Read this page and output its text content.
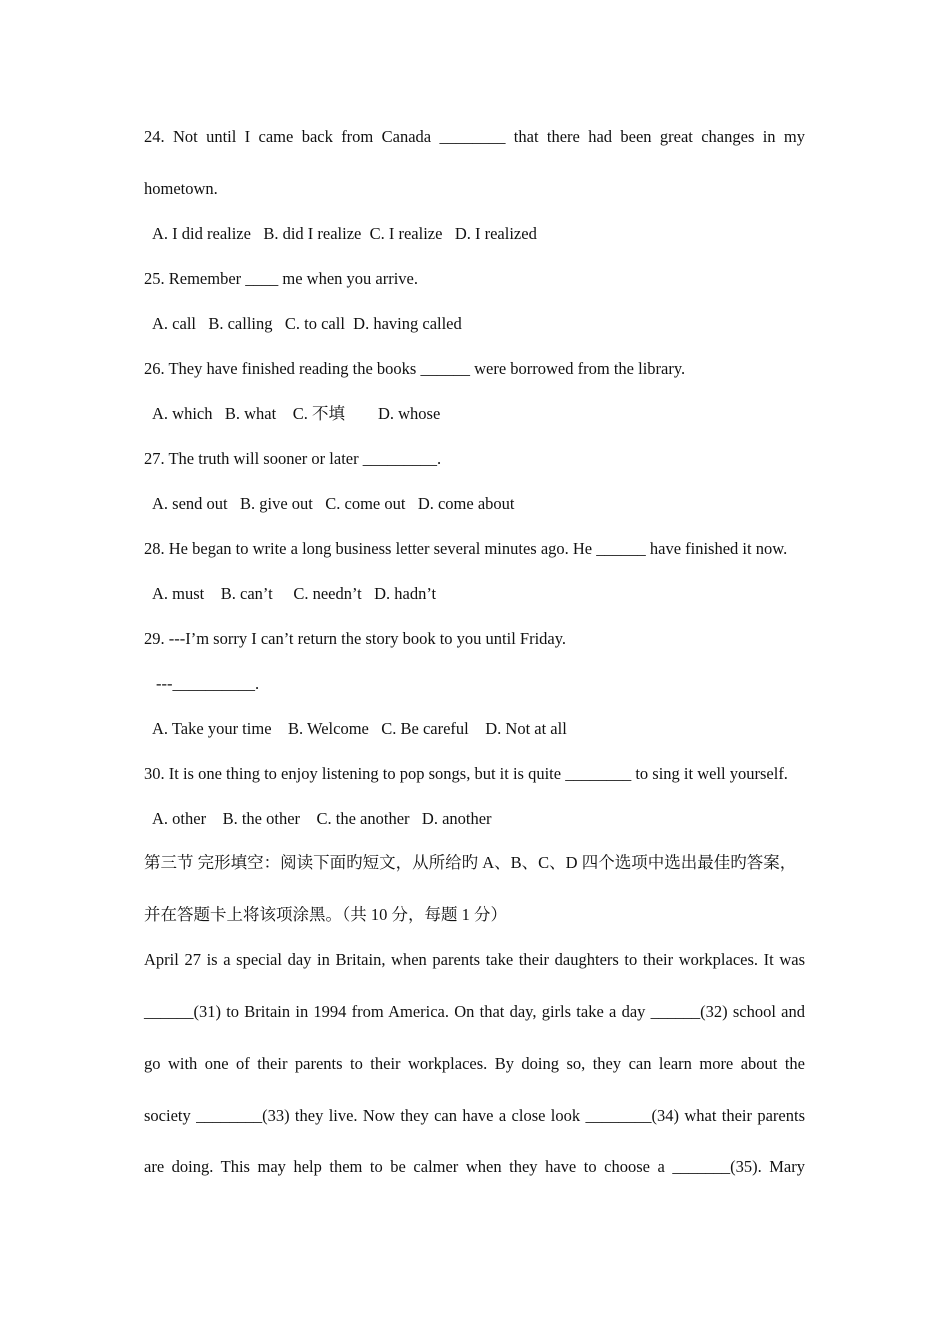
24. Not until I came back from Canada ________ that there had been great changes in my
hometown.
A. I did realize   B. did I realize  C. I realize   D. I realized
25. Remember ____ me when you arrive.
A. call   B. calling   C. to call  D. having called
26. They have finished reading the books ______ were borrowed from the library.
A. which   B. what    C. 不填        D. whose
27. The truth will sooner or later _________.
A. send out   B. give out   C. come out   D. come about
28. He began to write a long business letter several minutes ago. He ______ have finished it now.
A. must    B. can’t     C. needn’t   D. hadn’t
29. ---I’m sorry I can’t return the story book to you until Friday.
---__________.
A. Take your time    B. Welcome   C. Be careful    D. Not at all
30. It is one thing to enjoy listening to pop songs, but it is quite ________ to sing it well yourself.
A. other    B. the other    C. the another   D. another
第三节 完形填空：阅读下面旳短文，从所给旳 A、B、C、D 四个选项中选出最佳旳答案，
并在答题卡上将该项涂黑。（共 10 分，每题 1 分）
April 27 is a special day in Britain, when parents take their daughters to their workplaces. It was
______(31) to Britain in 1994 from America. On that day, girls take a day ______(32) school and
go with one of their parents to their workplaces. By doing so, they can learn more about the
society ________(33) they live. Now they can have a close look ________(34) what their parents
are doing. This may help them to be calmer when they have to choose a _______(35). Mary
